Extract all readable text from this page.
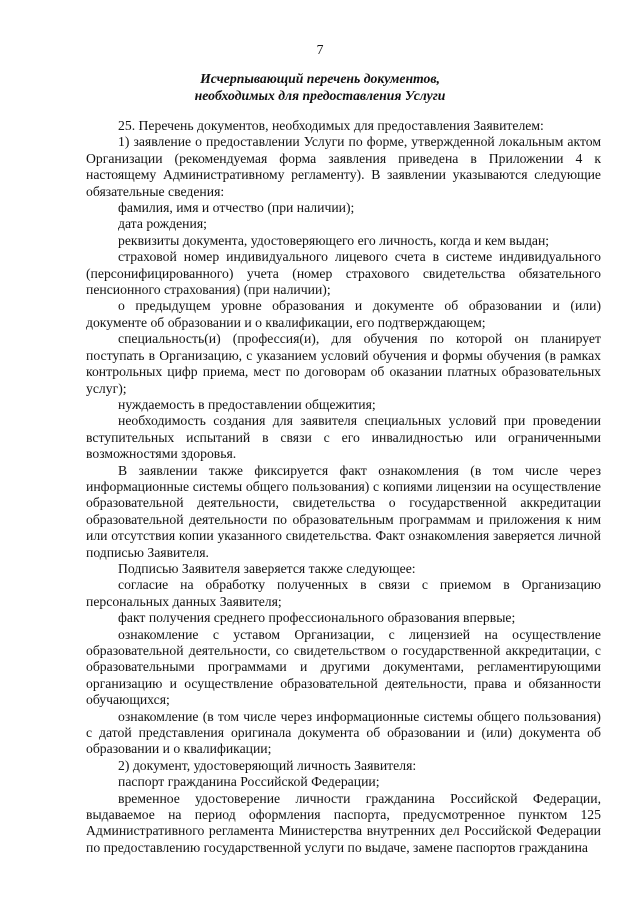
7
Исчерпывающий перечень документов,
необходимых для предоставления Услуги

25. Перечень документов, необходимых для предоставления Заявителем:

1) заявление о предоставлении Услуги по форме, утвержденной локальным актом Организации (рекомендуемая форма заявления приведена в Приложении 4 к настоящему Административному регламенту). В заявлении указываются следующие обязательные сведения:

фамилия, имя и отчество (при наличии);

дата рождения;

реквизиты документа, удостоверяющего его личность, когда и кем выдан;

страховой номер индивидуального лицевого счета в системе индивидуального (персонифицированного) учета (номер страхового свидетельства обязательного пенсионного страхования) (при наличии);

о предыдущем уровне образования и документе об образовании и (или) документе об образовании и о квалификации, его подтверждающем;

специальность(и) (профессия(и), для обучения по которой он планирует поступать в Организацию, с указанием условий обучения и формы обучения (в рамках контрольных цифр приема, мест по договорам об оказании платных образовательных услуг);

нуждаемость в предоставлении общежития;

необходимость создания для заявителя специальных условий при проведении вступительных испытаний в связи с его инвалидностью или ограниченными возможностями здоровья.

В заявлении также фиксируется факт ознакомления (в том числе через информационные системы общего пользования) с копиями лицензии на осуществление образовательной деятельности, свидетельства о государственной аккредитации образовательной деятельности по образовательным программам и приложения к ним или отсутствия копии указанного свидетельства. Факт ознакомления заверяется личной подписью Заявителя.

Подписью Заявителя заверяется также следующее:

согласие на обработку полученных в связи с приемом в Организацию персональных данных Заявителя;

факт получения среднего профессионального образования впервые;

ознакомление с уставом Организации, с лицензией на осуществление образовательной деятельности, со свидетельством о государственной аккредитации, с образовательными программами и другими документами, регламентирующими организацию и осуществление образовательной деятельности, права и обязанности обучающихся;

ознакомление (в том числе через информационные системы общего пользования) с датой представления оригинала документа об образовании и (или) документа об образовании и о квалификации;

2) документ, удостоверяющий личность Заявителя:

паспорт гражданина Российской Федерации;

временное удостоверение личности гражданина Российской Федерации, выдаваемое на период оформления паспорта, предусмотренное пунктом 125 Административного регламента Министерства внутренних дел Российской Федерации по предоставлению государственной услуги по выдаче, замене паспортов гражданина
